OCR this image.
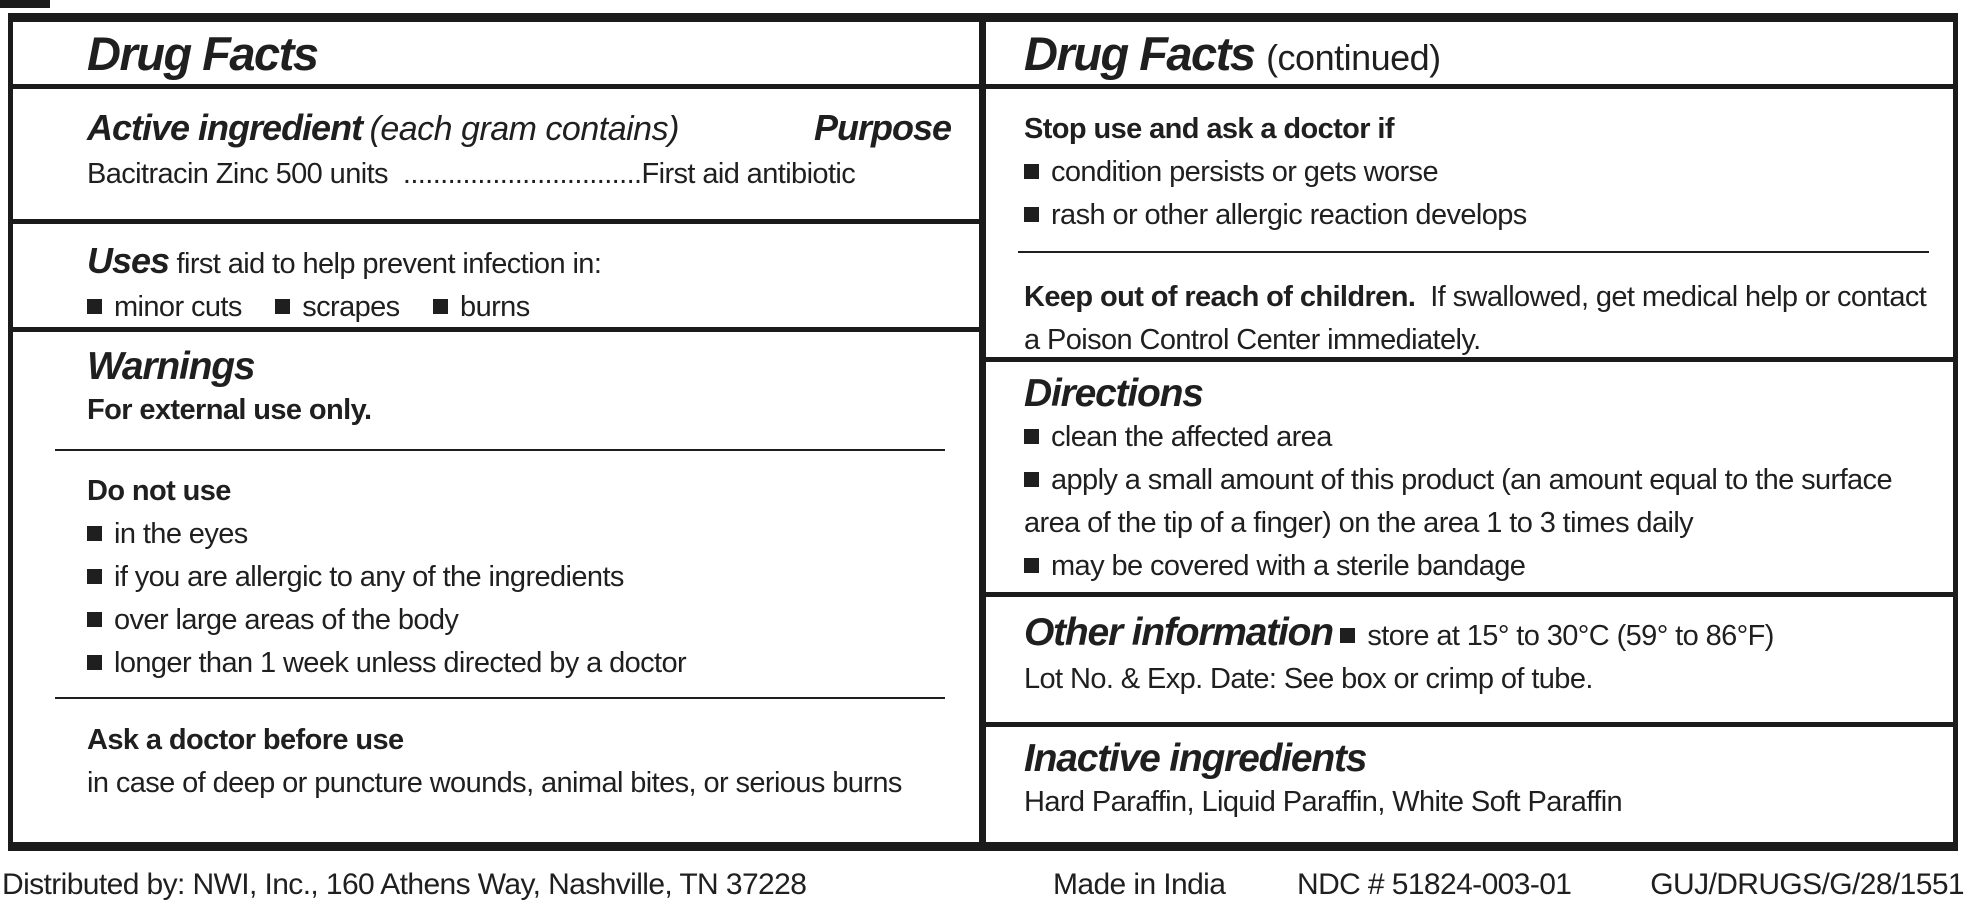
Drug Facts
Active ingredient (each gram contains)	Purpose
Bacitracin Zinc 500 units ................................First aid antibiotic
Uses first aid to help prevent infection in:
minor cuts scrapes burns
Warnings
For external use only.
Do not use
in the eyes
if you are allergic to any of the ingredients
over large areas of the body
longer than 1 week unless directed by a doctor
Ask a doctor before use
in case of deep or puncture wounds, animal bites, or serious burns
Drug Facts (continued)
Stop use and ask a doctor if
condition persists or gets worse
rash or other allergic reaction develops
Keep out of reach of children. If swallowed, get medical help or contact a Poison Control Center immediately.
Directions
clean the affected area
apply a small amount of this product (an amount equal to the surface area of the tip of a finger) on the area 1 to 3 times daily
may be covered with a sterile bandage
Other information store at 15° to 30°C (59° to 86°F)
Lot No. & Exp. Date: See box or crimp of tube.
Inactive ingredients
Hard Paraffin, Liquid Paraffin, White Soft Paraffin
Distributed by: NWI, Inc., 160 Athens Way, Nashville, TN 37228	Made in India NDC # 51824-003-01	GUJ/DRUGS/G/28/1551
